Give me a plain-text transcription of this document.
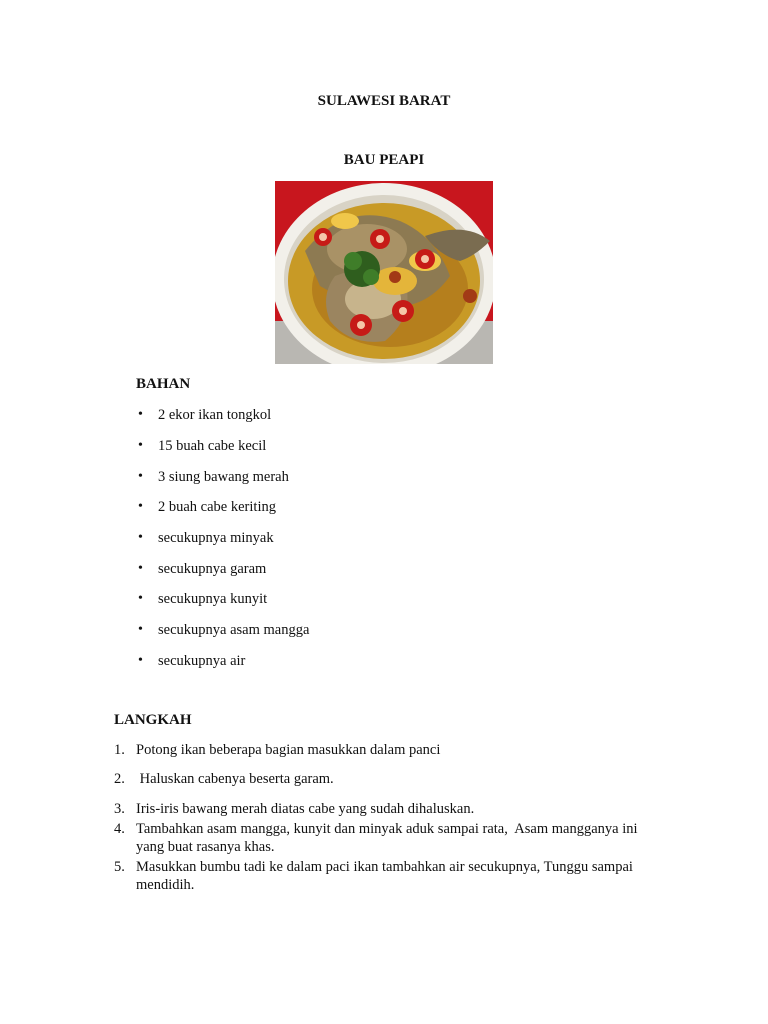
SULAWESI BARAT
BAU PEAPI
BAHAN
•	2 ekor ikan tongkol
•	15 buah cabe kecil
•	3 siung bawang merah
•	2 buah cabe keriting
•	secukupnya minyak
•	secukupnya garam
•	secukupnya kunyit
•	secukupnya asam mangga
•	secukupnya air
LANGKAH
1. Potong ikan beberapa bagian masukkan dalam panci
2. Haluskan cabenya beserta garam.
3. Iris-iris bawang merah diatas cabe yang sudah dihaluskan.
4. Tambahkan asam mangga, kunyit dan minyak aduk sampai rata,  Asam mangganya ini
yang buat rasanya khas.
5. Masukkan bumbu tadi ke dalam paci ikan tambahkan air secukupnya, Tunggu sampai
mendidih.
